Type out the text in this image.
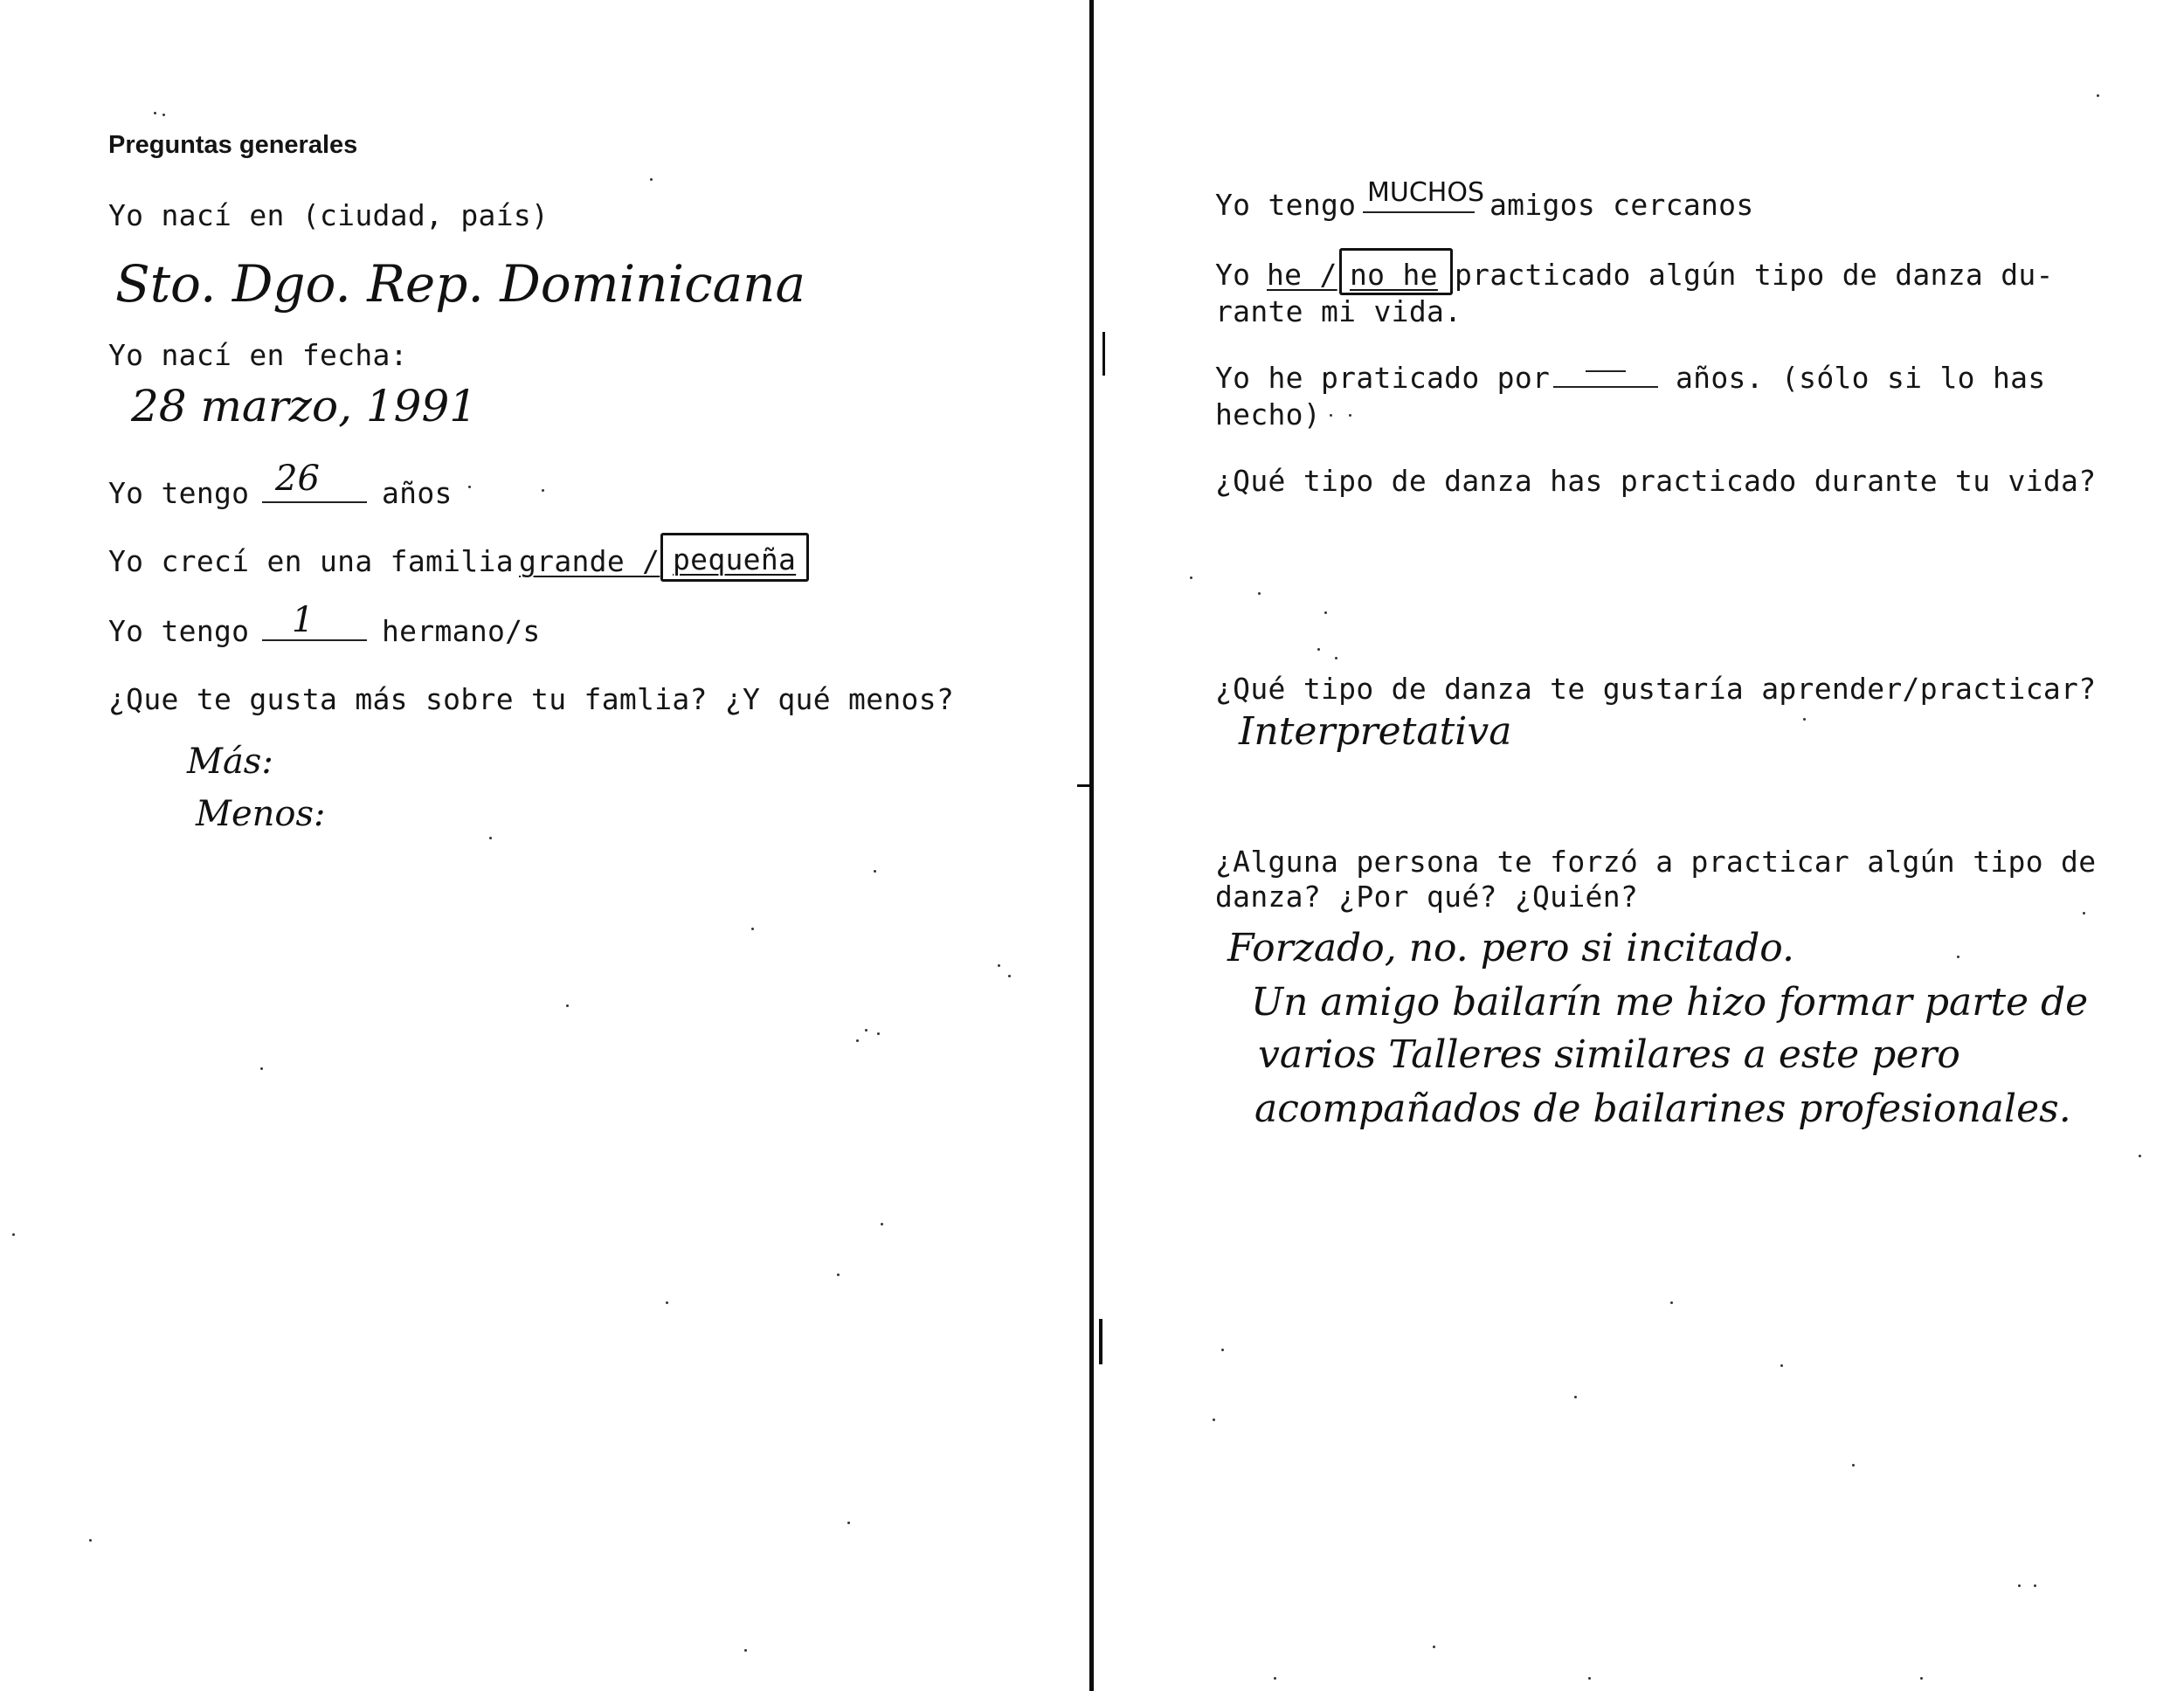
Preguntas generales
Yo nací en (ciudad, país)
Sto. Dgo. Rep. Dominicana
Yo nací en fecha:
28 marzo, 1991
Yo tengo 26 años
Yo crecí en una familia grande / pequeña
Yo tengo 1 hermano/s
¿Que te gusta más sobre tu famlia? ¿Y qué menos?
Más:
Menos:
Yo tengo MUCHOS amigos cercanos
Yo he / no he practicado algún tipo de danza du-
rante mi vida.
Yo he praticado por	años. (sólo si lo has
hecho)
¿Qué tipo de danza has practicado durante tu vida?
¿Qué tipo de danza te gustaría aprender/practicar?
Interpretativa
¿Alguna persona te forzó a practicar algún tipo de
danza? ¿Por qué? ¿Quién?
Forzado, no. pero si incitado.
Un amigo bailarín me hizo formar parte de
varios Talleres similares a este pero
acompañados de bailarines profesionales.
